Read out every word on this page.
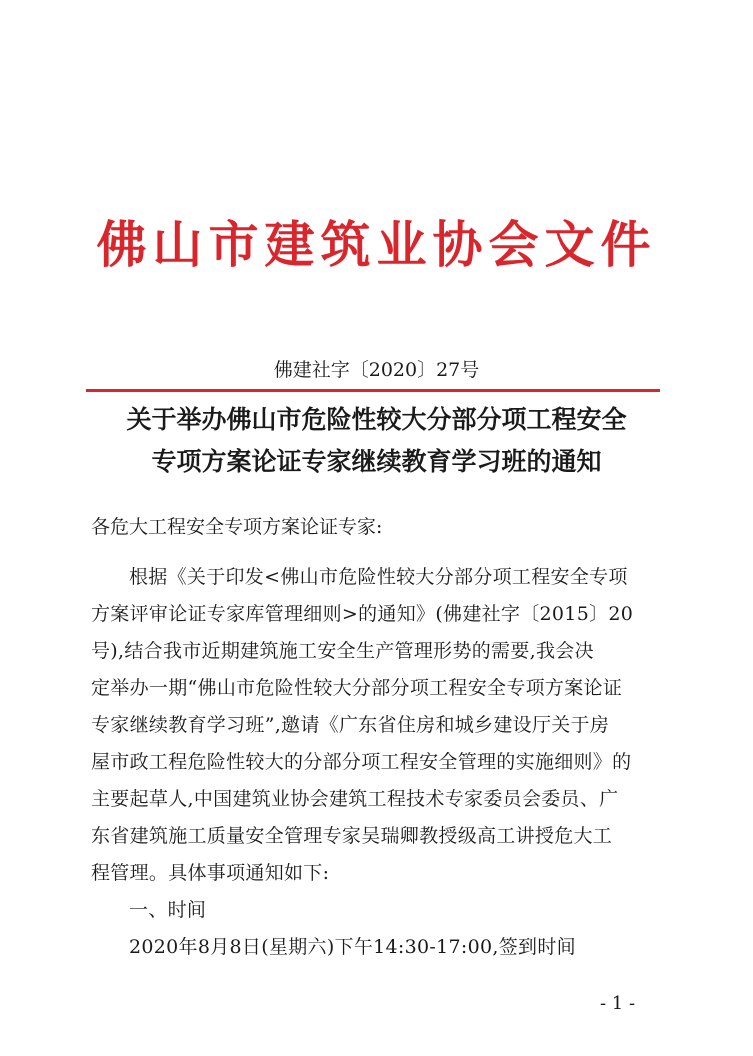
佛山市建筑业协会文件
佛建社字〔2020〕27号
关于举办佛山市危险性较大分部分项工程安全
专项方案论证专家继续教育学习班的通知
各危大工程安全专项方案论证专家:
根据《关于印发<佛山市危险性较大分部分项工程安全专项
方案评审论证专家库管理细则>的通知》(佛建社字〔2015〕20
号),结合我市近期建筑施工安全生产管理形势的需要,我会决
定举办一期“佛山市危险性较大分部分项工程安全专项方案论证
专家继续教育学习班”,邀请《广东省住房和城乡建设厅关于房
屋市政工程危险性较大的分部分项工程安全管理的实施细则》的
主要起草人,中国建筑业协会建筑工程技术专家委员会委员、广
东省建筑施工质量安全管理专家吴瑞卿教授级高工讲授危大工
程管理。具体事项通知如下:
一、时间
2020年8月8日(星期六)下午14:30-17:00,签到时间
- 1 -
